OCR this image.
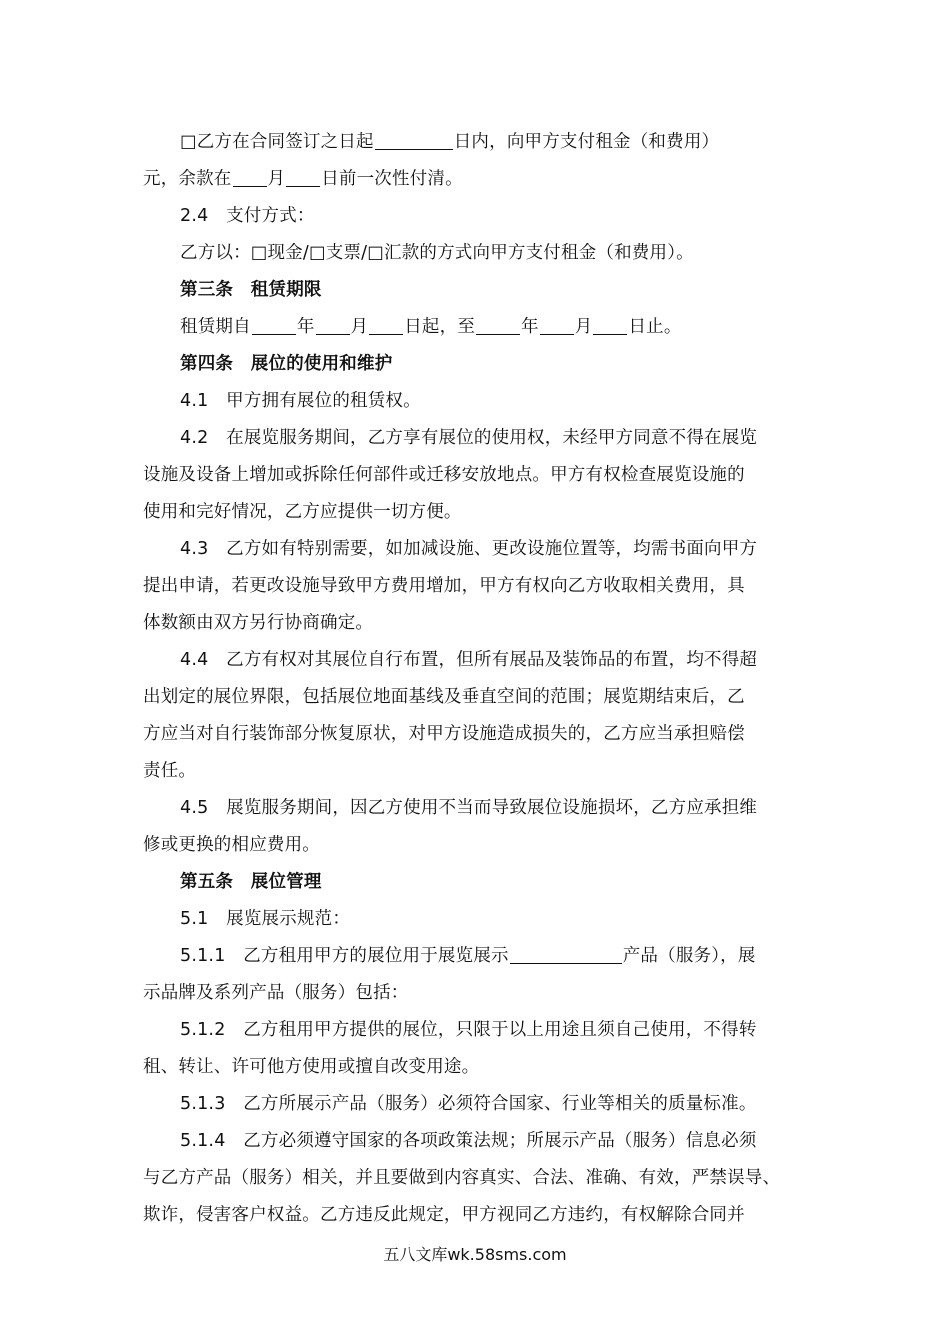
□乙方在合同签订之日起	日内，向甲方支付租金（和费用）
元，余款在 月 日前一次性付清。
2.4　支付方式：
乙方以：□现金/□支票/□汇款的方式向甲方支付租金（和费用）。
第三条　租赁期限
租赁期自	年 月 日起，至	年 月 日止。
第四条　展位的使用和维护
4.1　甲方拥有展位的租赁权。
4.2　在展览服务期间，乙方享有展位的使用权，未经甲方同意不得在展览
设施及设备上增加或拆除任何部件或迁移安放地点。甲方有权检查展览设施的
使用和完好情况，乙方应提供一切方便。
4.3　乙方如有特别需要，如加减设施、更改设施位置等，均需书面向甲方
提出申请，若更改设施导致甲方费用增加，甲方有权向乙方收取相关费用，具
体数额由双方另行协商确定。
4.4　乙方有权对其展位自行布置，但所有展品及装饰品的布置，均不得超
出划定的展位界限，包括展位地面基线及垂直空间的范围；展览期结束后，乙
方应当对自行装饰部分恢复原状，对甲方设施造成损失的，乙方应当承担赔偿
责任。
4.5　展览服务期间，因乙方使用不当而导致展位设施损坏，乙方应承担维
修或更换的相应费用。
第五条　展位管理
5.1　展览展示规范：
5.1.1　乙方租用甲方的展位用于展览展示	产品（服务），展
示品牌及系列产品（服务）包括：
5.1.2　乙方租用甲方提供的展位，只限于以上用途且须自己使用，不得转
租、转让、许可他方使用或擅自改变用途。
5.1.3　乙方所展示产品（服务）必须符合国家、行业等相关的质量标准。
5.1.4　乙方必须遵守国家的各项政策法规；所展示产品（服务）信息必须
与乙方产品（服务）相关，并且要做到内容真实、合法、准确、有效，严禁误导、
欺诈，侵害客户权益。乙方违反此规定，甲方视同乙方违约，有权解除合同并
五八文库wk.58sms.com
